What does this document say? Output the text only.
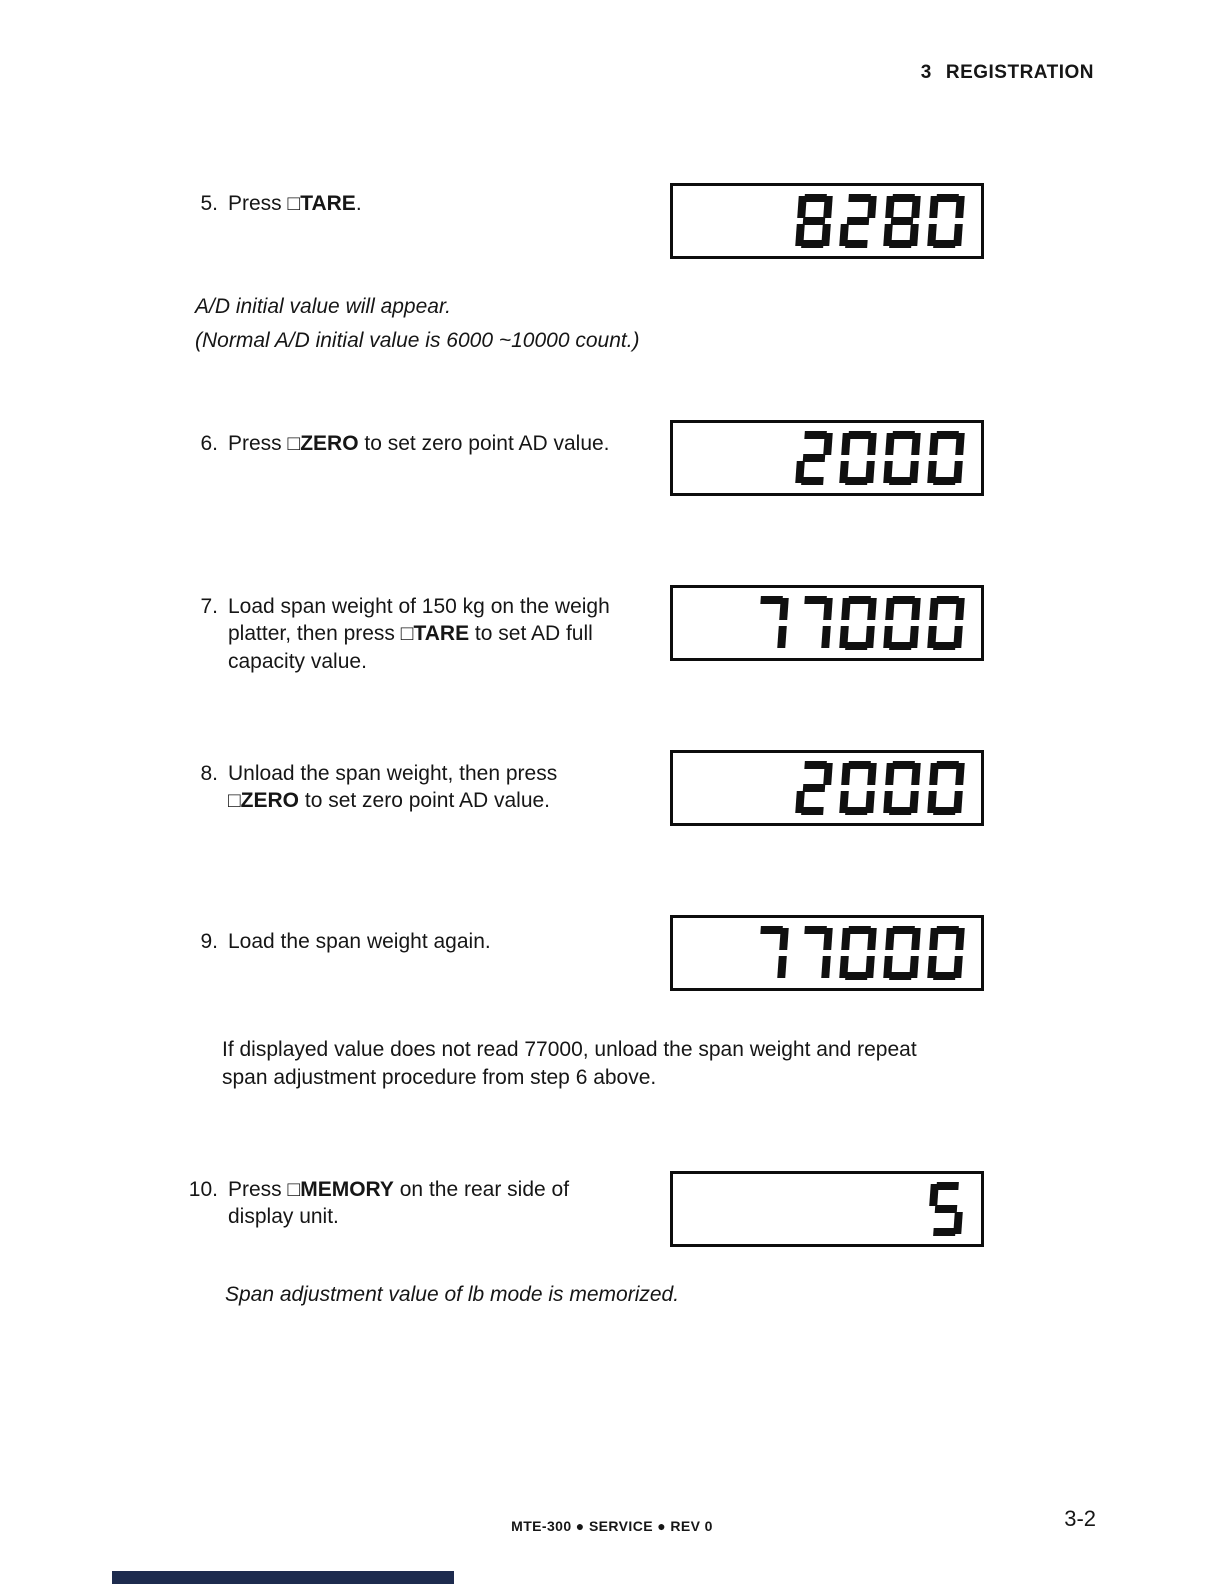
3 REGISTRATION
5. Press □TARE.
A/D initial value will appear.
(Normal A/D initial value is 6000 ~10000 count.)
6. Press □ZERO to set zero point AD value.
7. Load span weight of 150 kg on the weigh platter, then press □TARE to set AD full capacity value.
8. Unload the span weight, then press □ZERO to set zero point AD value.
9. Load the span weight again.
If displayed value does not read 77000, unload the span weight and repeat span adjustment procedure from step 6 above.
10. Press □MEMORY on the rear side of display unit.
Span adjustment value of lb mode is memorized.
MTE-300 ● SERVICE ● REV 0	3-2
